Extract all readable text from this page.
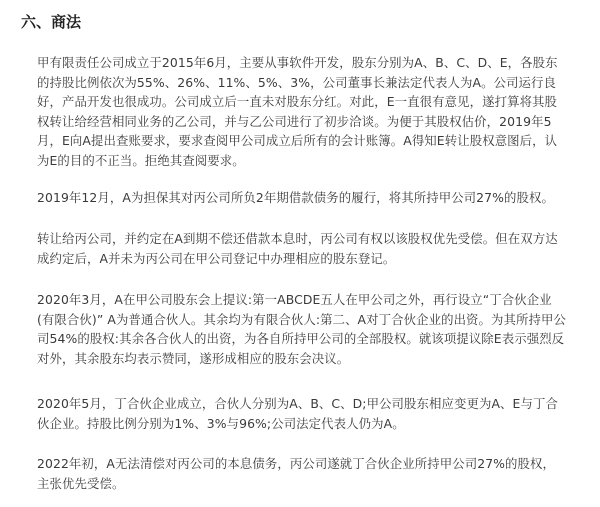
六、商法

甲有限责任公司成立于2015年6月，主要从事软件开发，股东分别为A、B、C、D、E，各股东的持股比例依次为55%、26%、11%、5%、3%，公司董事长兼法定代表人为A。公司运行良好，产品开发也很成功。公司成立后一直未对股东分红。对此，E一直很有意见，遂打算将其股权转让给经营相同业务的乙公司，并与乙公司进行了初步洽谈。为便于其股权估价，2019年5月，E向A提出查账要求，要求查阅甲公司成立后所有的会计账簿。A得知E转让股权意图后，认为E的目的不正当。拒绝其查阅要求。

2019年12月，A为担保其对丙公司所负2年期借款债务的履行，将其所持甲公司27%的股权。

转让给丙公司，并约定在A到期不偿还借款本息时，丙公司有权以该股权优先受偿。但在双方达成约定后，A并未为丙公司在甲公司登记中办理相应的股东登记。

2020年3月，A在甲公司股东会上提议:第一ABCDE五人在甲公司之外，再行设立“丁合伙企业(有限合伙)” A为普通合伙人。其余均为有限合伙人:第二、A对丁合伙企业的出资。为其所持甲公司54%的股权:其余各合伙人的出资，为各自所持甲公司的全部股权。就该项提议除E表示强烈反对外，其余股东均表示赞同，遂形成相应的股东会决议。

2020年5月，丁合伙企业成立，合伙人分别为A、B、C、D;甲公司股东相应变更为A、E与丁合伙企业。持股比例分别为1%、3%与96%;公司法定代表人仍为A。

2022年初，A无法清偿对丙公司的本息债务，丙公司遂就丁合伙企业所持甲公司27%的股权，主张优先受偿。
